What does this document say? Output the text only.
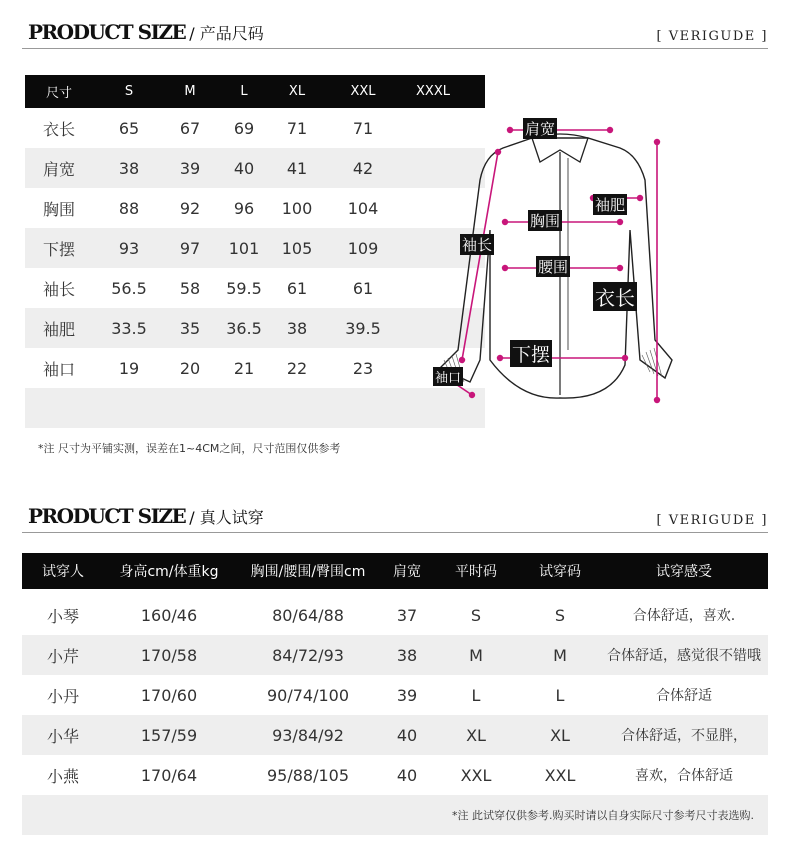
PRODUCT SIZE / 产品尺码	[ VERIGUDE ]
尺寸	S	M	L	XL	XXL	XXXL
衣长	65	67	69	71	71
肩宽	38	39	40	41	42
胸围	88	92	96	100	104
下摆	93	97	101	105	109
袖长	56.5	58	59.5	61	61
袖肥	33.5	35	36.5	38	39.5
袖口	19	20	21	22	23
*注 尺寸为平铺实测，误差在1~4CM之间，尺寸范围仅供参考
肩宽
袖肥
胸围
袖长
腰围
衣长
下摆
袖口
PRODUCT SIZE / 真人试穿	[ VERIGUDE ]
试穿人	身高cm/体重kg	胸围/腰围/臀围cm	肩宽	平时码	试穿码	试穿感受
小琴	160/46	80/64/88	37	S	S	合体舒适，喜欢.
小芹	170/58	84/72/93	38	M	M	合体舒适，感觉很不错哦
小丹	170/60	90/74/100	39	L	L	合体舒适
小华	157/59	93/84/92	40	XL	XL	合体舒适，不显胖，
小燕	170/64	95/88/105	40	XXL	XXL	喜欢，合体舒适
*注 此试穿仅供参考.购买时请以自身实际尺寸参考尺寸表选购.
